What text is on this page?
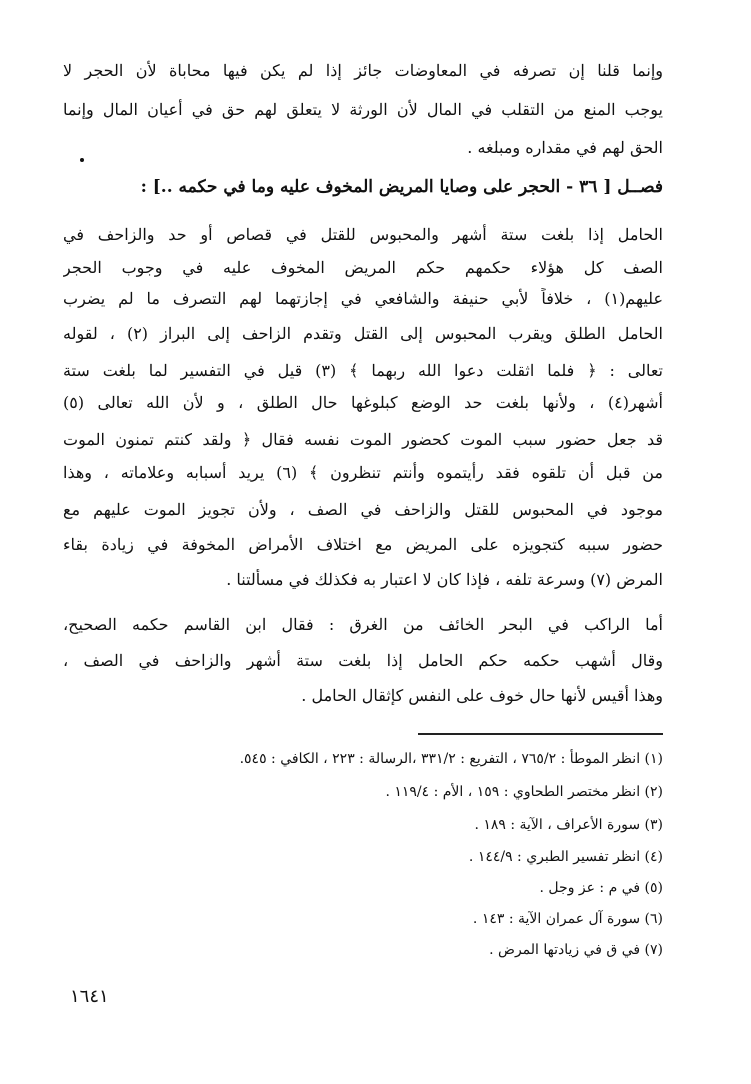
وإنما قلنا إن تصرفه في المعاوضات جائز إذا لم يكن فيها محاباة لأن الحجر لا
يوجب المنع من التقلب في المال لأن الورثة لا يتعلق لهم حق في أعيان المال وإنما
الحق لهم في مقداره ومبلغه .
فصــل [ ٣٦ - الحجر على وصايا المريض المخوف عليه وما في حكمه ..] :
الحامل إذا بلغت ستة أشهر والمحبوس للقتل في قصاص أو حد والزاحف في
الصف كل هؤلاء حكمهم حكم المريض المخوف عليه في وجوب الحجر
عليهم(١) ، خلافاً لأبي حنيفة والشافعي في إجازتهما لهم التصرف ما لم يضرب
الحامل الطلق ويقرب المحبوس إلى القتل وتقدم الزاحف إلى البراز (٢) ، لقوله
تعالى : ﴿ فلما اثقلت دعوا الله ربهما ﴾ (٣) قيل في التفسير لما بلغت ستة
أشهر(٤) ، ولأنها بلغت حد الوضع كبلوغها حال الطلق ، و لأن الله تعالى (٥)
قد جعل حضور سبب الموت كحضور الموت نفسه فقال ﴿ ولقد كنتم تمنون الموت
من قبل أن تلقوه فقد رأيتموه وأنتم تنظرون ﴾ (٦) يريد أسبابه وعلاماته ، وهذا
موجود في المحبوس للقتل والزاحف في الصف ، ولأن تجويز الموت عليهم مع
حضور سببه كتجويزه على المريض مع اختلاف الأمراض المخوفة في زيادة بقاء
المرض (٧) وسرعة تلفه ، فإذا كان لا اعتبار به فكذلك في مسألتنا .
أما الراكب في البحر الخائف من الغرق : فقال ابن القاسم حكمه الصحيح،
وقال أشهب حكمه حكم الحامل إذا بلغت ستة أشهر والزاحف في الصف ،
وهذا أقيس لأنها حال خوف على النفس كإثقال الحامل .
(١) انظر الموطأ : ٧٦٥/٢ ، التفريع : ٣٣١/٢ ،الرسالة : ٢٢٣ ، الكافي : ٥٤٥.
(٢) انظر مختصر الطحاوي : ١٥٩ ، الأم : ١١٩/٤ .
(٣) سورة الأعراف ، الآية : ١٨٩ .
(٤) انظر تفسير الطبري : ١٤٤/٩ .
(٥) في م : عز وجل .
(٦) سورة آل عمران الآية : ١٤٣ .
(٧) في ق في زيادتها المرض .
١٦٤١
